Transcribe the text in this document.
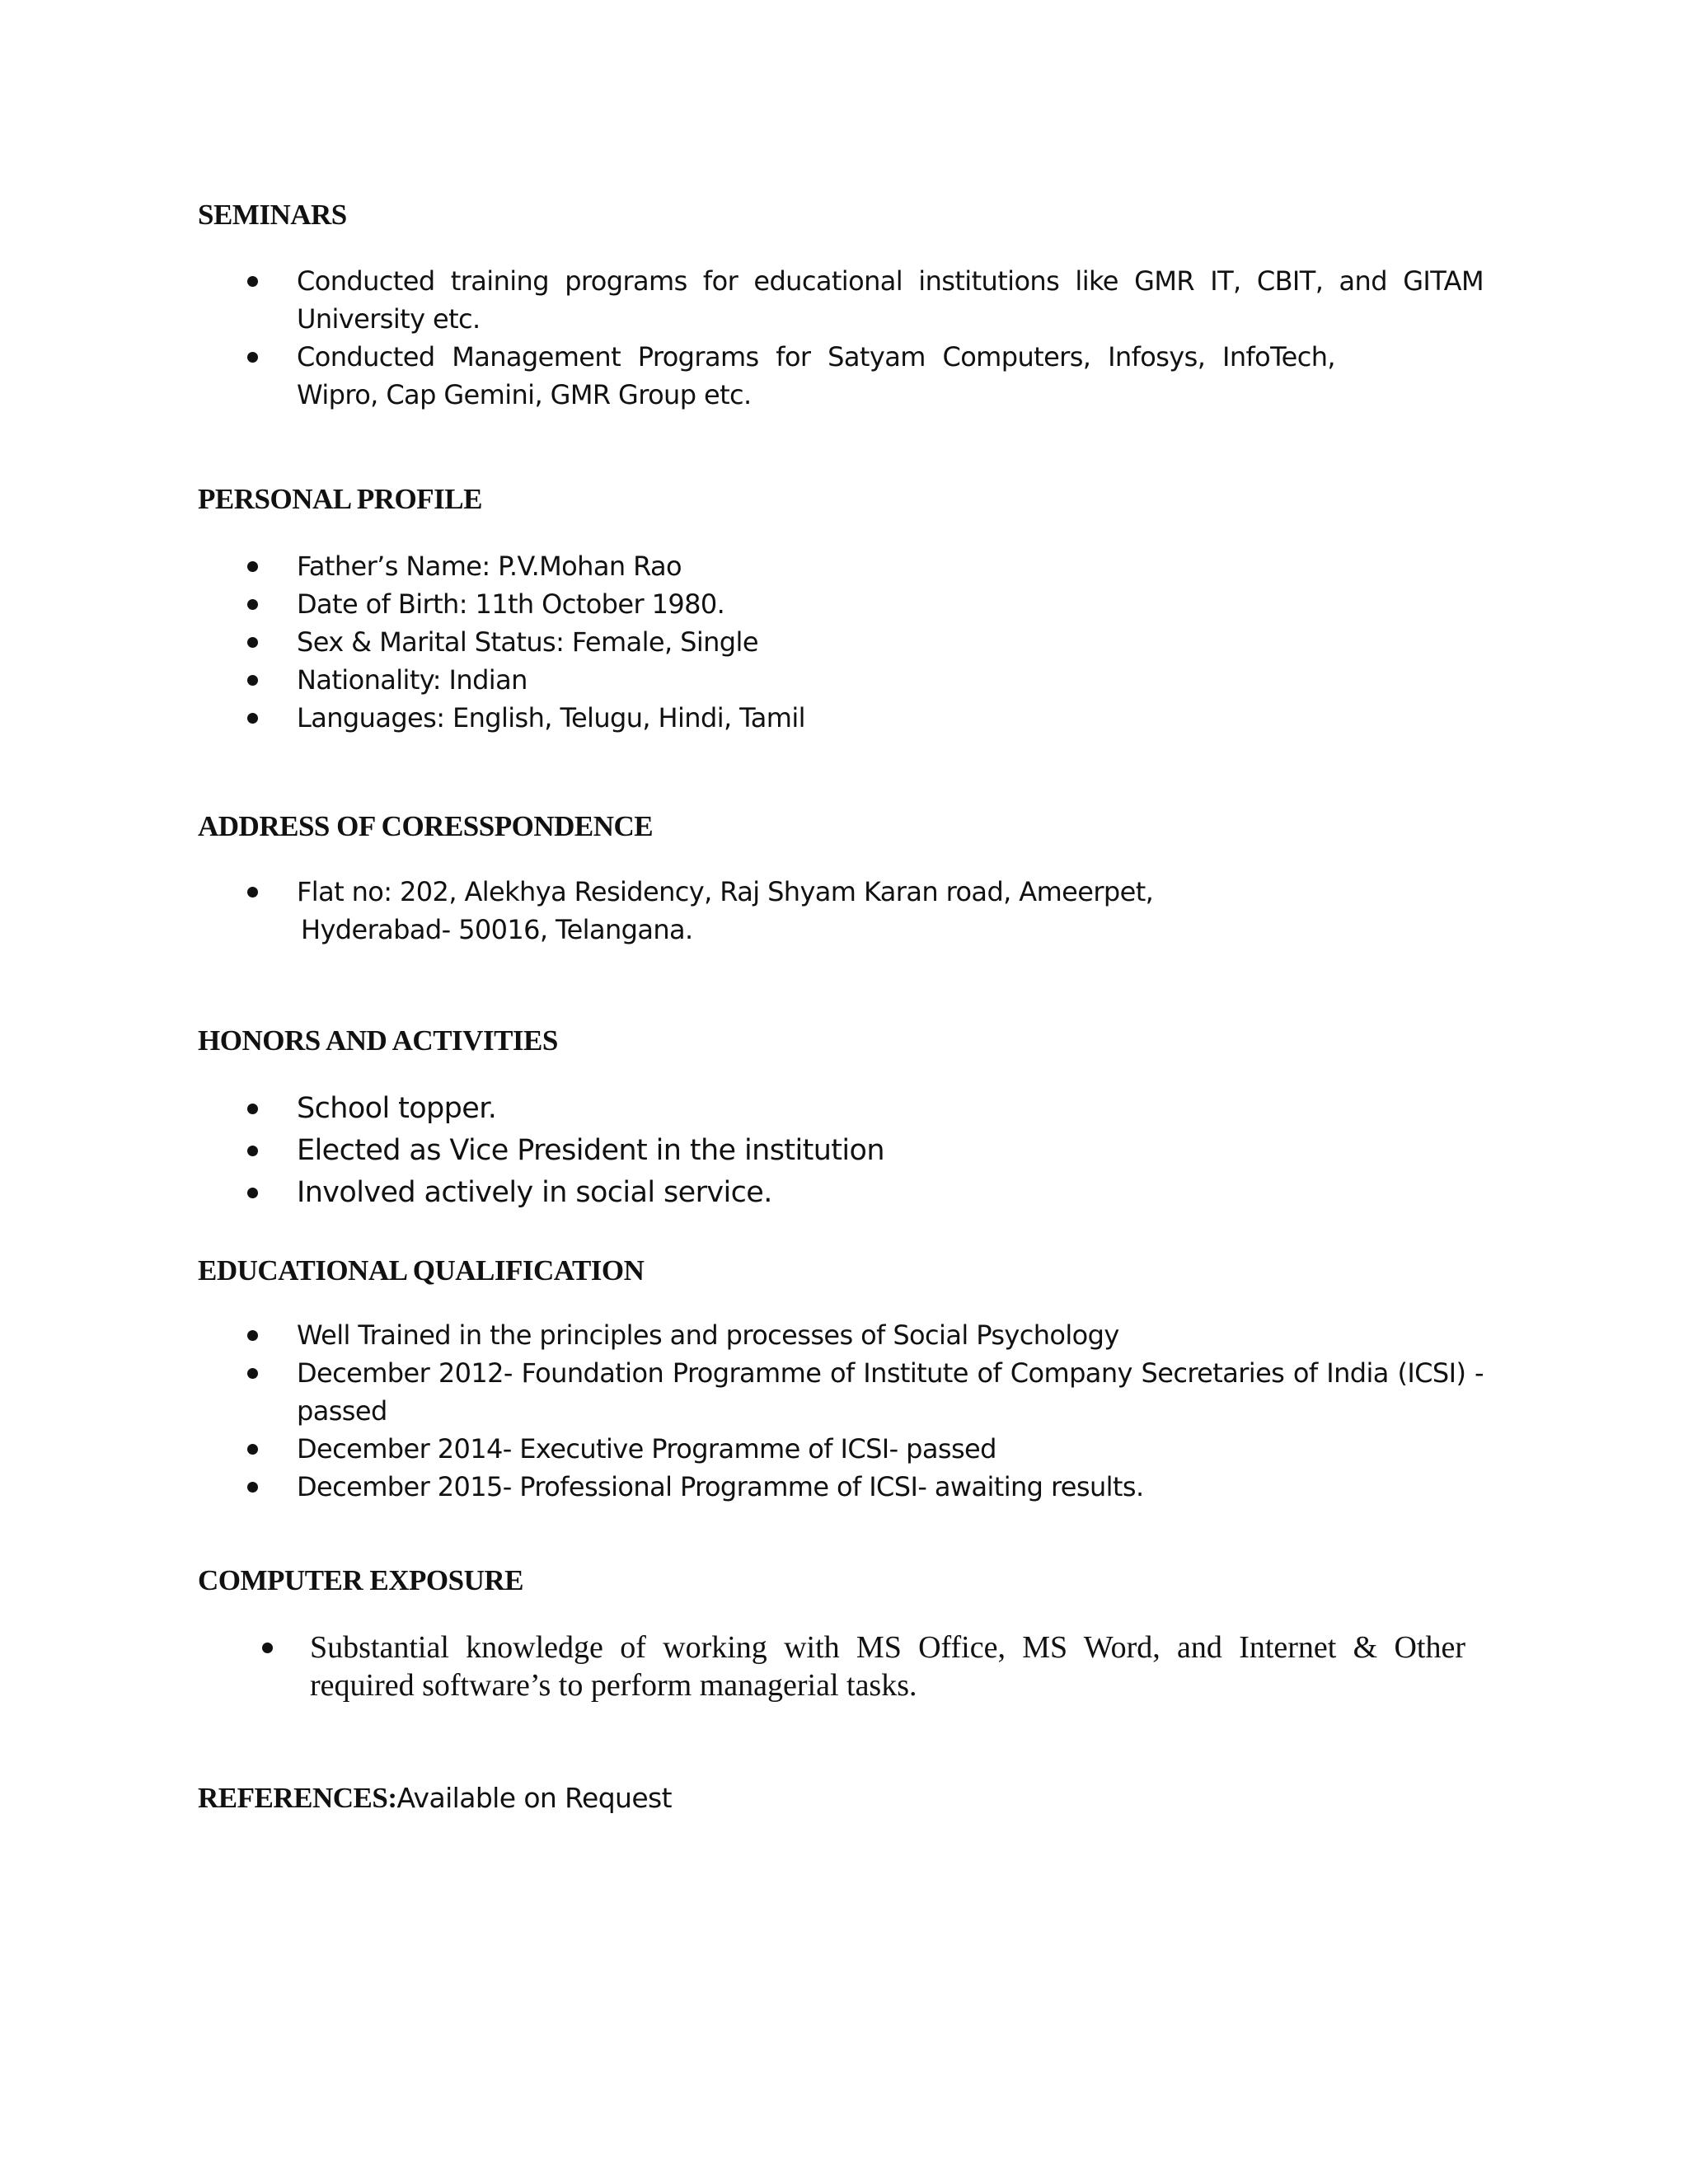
SEMINARS
Conducted training programs for educational institutions like GMR IT, CBIT, and GITAM University etc.
Conducted Management Programs for Satyam Computers, Infosys, InfoTech, Wipro, Cap Gemini, GMR Group etc.
PERSONAL PROFILE
Father’s Name: P.V.Mohan Rao
Date of Birth: 11th October 1980.
Sex & Marital Status: Female, Single
Nationality: Indian
Languages: English, Telugu, Hindi, Tamil
ADDRESS OF CORESSPONDENCE
Flat no: 202, Alekhya Residency, Raj Shyam Karan road, Ameerpet,
Hyderabad- 50016, Telangana.
HONORS AND ACTIVITIES
School topper.
Elected as Vice President in the institution
Involved actively in social service.
EDUCATIONAL QUALIFICATION
Well Trained in the principles and processes of Social Psychology
December 2012- Foundation Programme of Institute of Company Secretaries of India (ICSI) - passed
December 2014- Executive Programme of ICSI- passed
December 2015- Professional Programme of ICSI- awaiting results.
COMPUTER EXPOSURE
Substantial knowledge of working with MS Office, MS Word, and Internet & Other required software’s to perform managerial tasks.

REFERENCES:Available on Request
